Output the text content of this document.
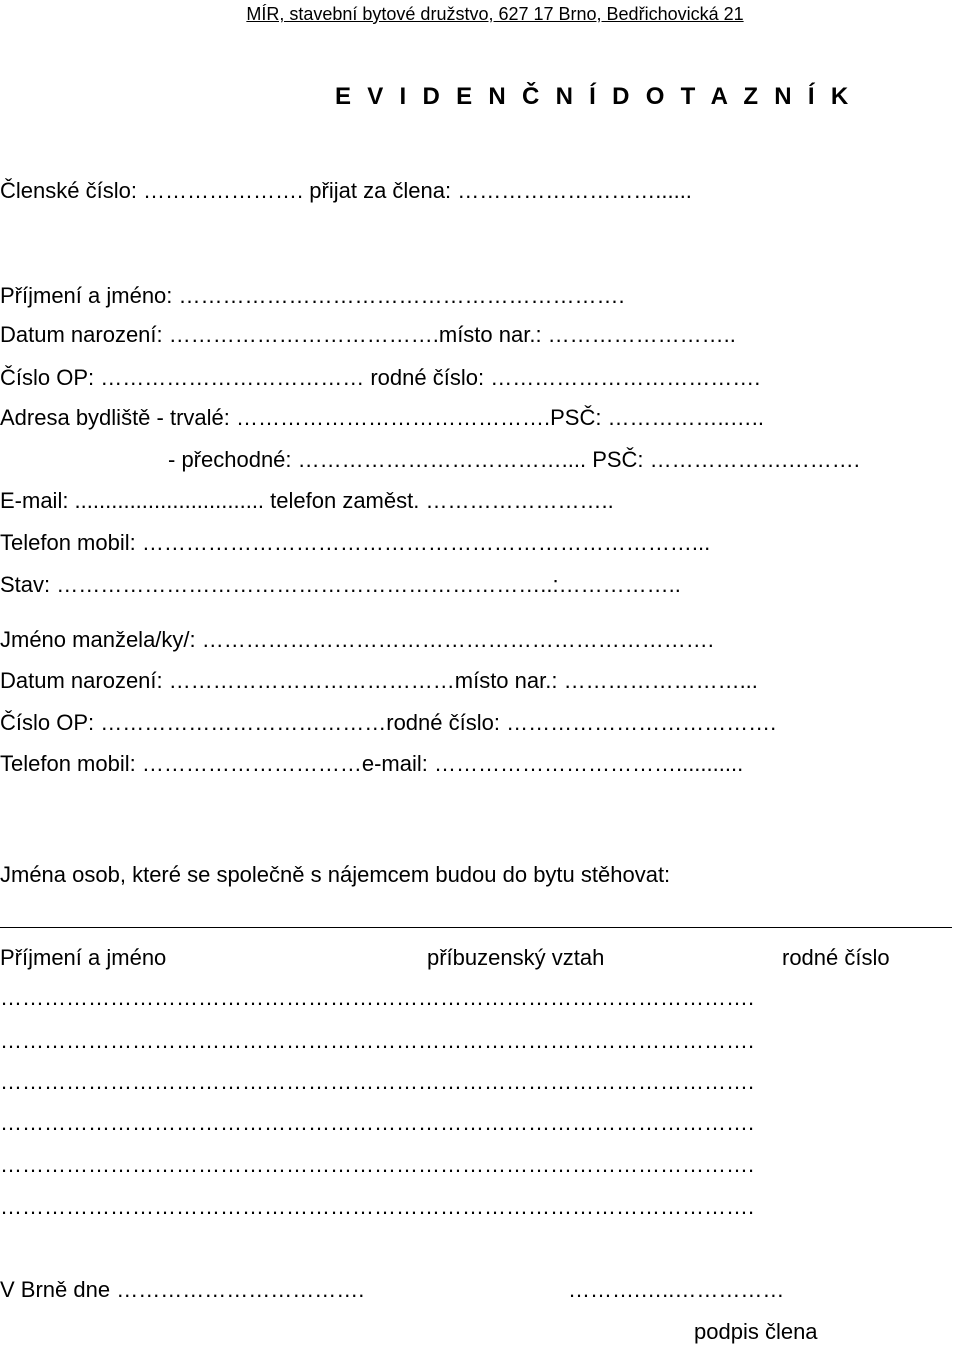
MÍR, stavební bytové družstvo, 627 17 Brno, Bedřichovická 21
E V I D E N Č N Í D O T A Z N Í K
Členské číslo: …………………. přijat za člena: ………………………......
Příjmení a jméno: …………………………………………………….
Datum narození: ……………………………….místo nar.: ……………………..
Číslo OP: ……………………………… rodné číslo: ……………………………….
Adresa bydliště - trvalé: …………………………………….PSČ: ……………..…..
- přechodné: ……………………………….... PSČ: ……………….……….
E-mail: ............................... telefon zaměst. ……………………..
Telefon mobil: …………………………………………………………………...
Stav: …………………………………………………………..:……………..
Jméno manželа/ky/: …………………………………………………………….
Datum narození: …………………………………místo nar.: ……………………...
Číslo OP: …………………………………rodné číslo: ……………………………….
Telefon mobil: …………………………e-mail: ……………………………...........
Jména osob, které se společně s nájemcem budou do bytu stěhovat:
Příjmení a jméno	příbuzenský vztah	rodné číslo
………………………………………………………………………………………….
………………………………………………………………………………………….
………………………………………………………………………………………….
………………………………………………………………………………………….
………………………………………………………………………………………….
………………………………………………………………………………………….
V Brně dne …………………………….	……….…..……………
podpis člena
